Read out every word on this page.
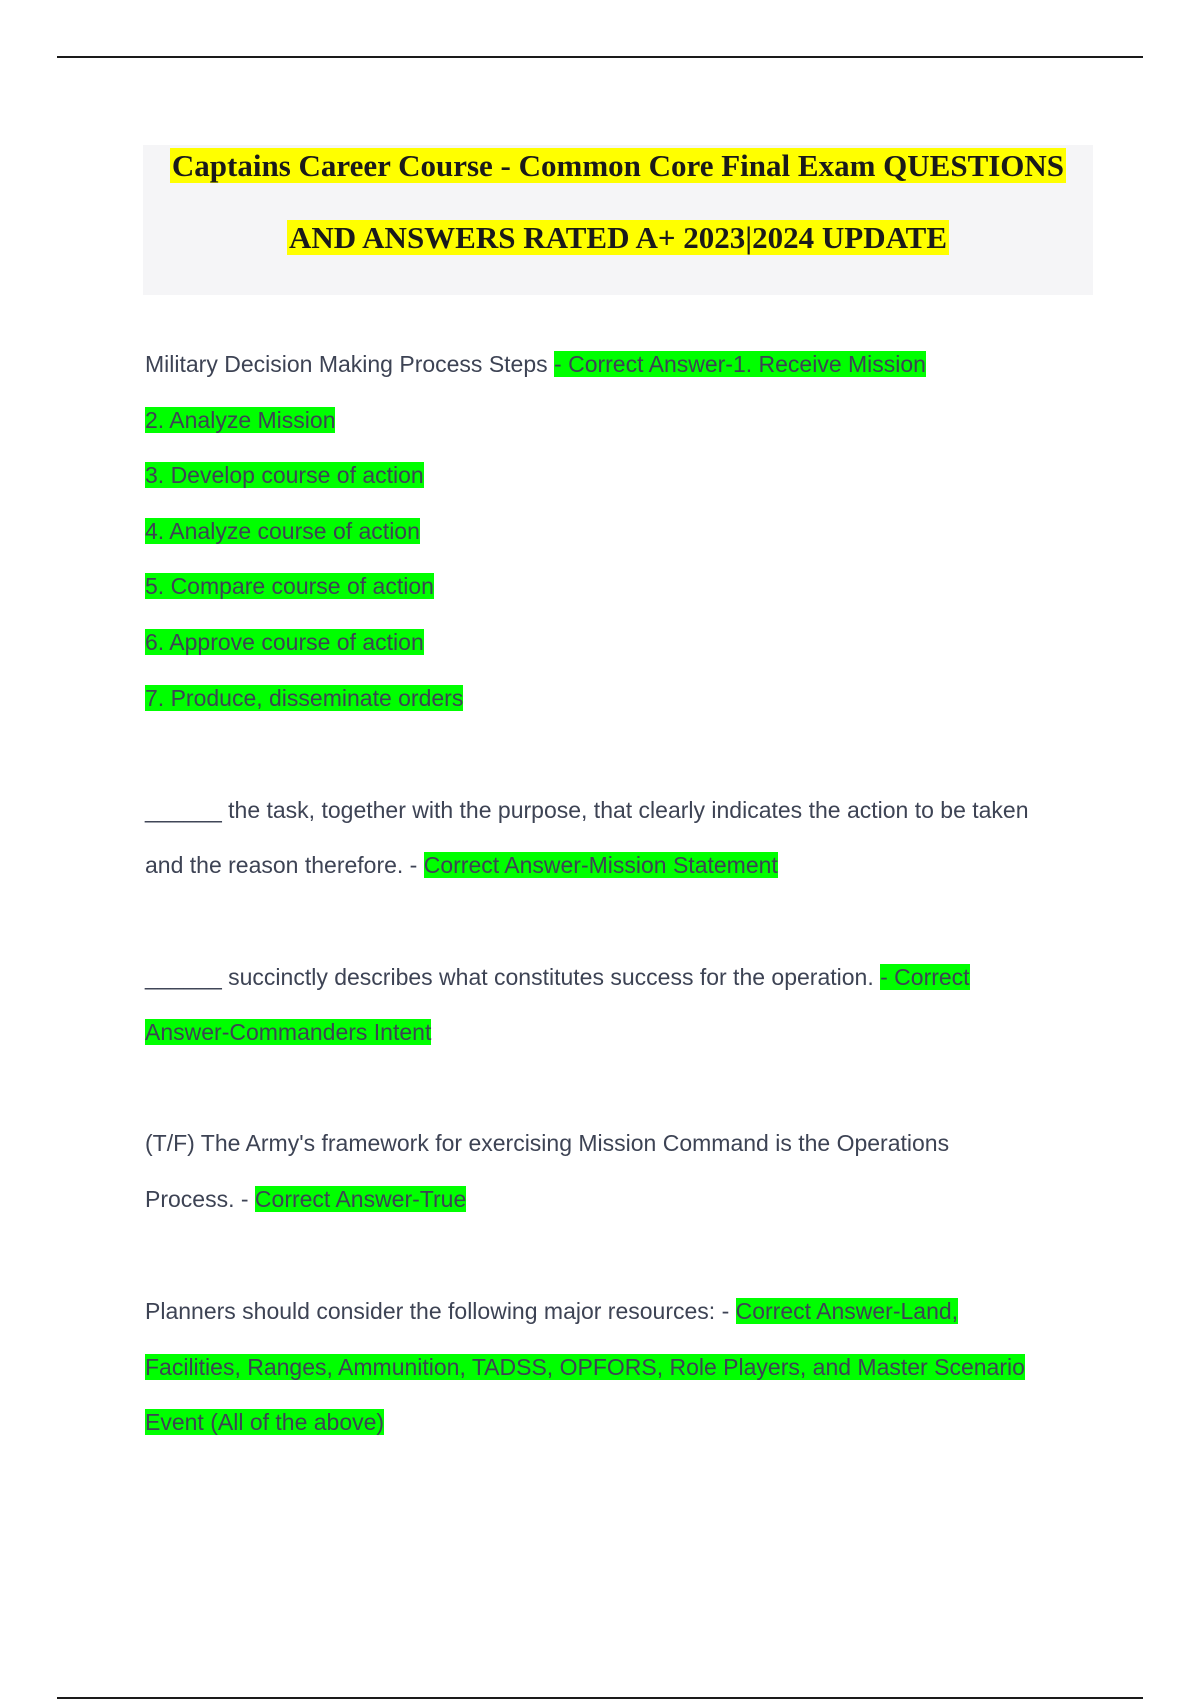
Captains Career Course - Common Core Final Exam QUESTIONS
AND ANSWERS RATED A+ 2023|2024 UPDATE
Military Decision Making Process Steps - Correct Answer-1. Receive Mission
2. Analyze Mission
3. Develop course of action
4. Analyze course of action
5. Compare course of action
6. Approve course of action
7. Produce, disseminate orders
______ the task, together with the purpose, that clearly indicates the action to be taken
and the reason therefore. - Correct Answer-Mission Statement
______ succinctly describes what constitutes success for the operation. - Correct
Answer-Commanders Intent
(T/F) The Army's framework for exercising Mission Command is the Operations
Process. - Correct Answer-True
Planners should consider the following major resources: - Correct Answer-Land,
Facilities, Ranges, Ammunition, TADSS, OPFORS, Role Players, and Master Scenario
Event (All of the above)
